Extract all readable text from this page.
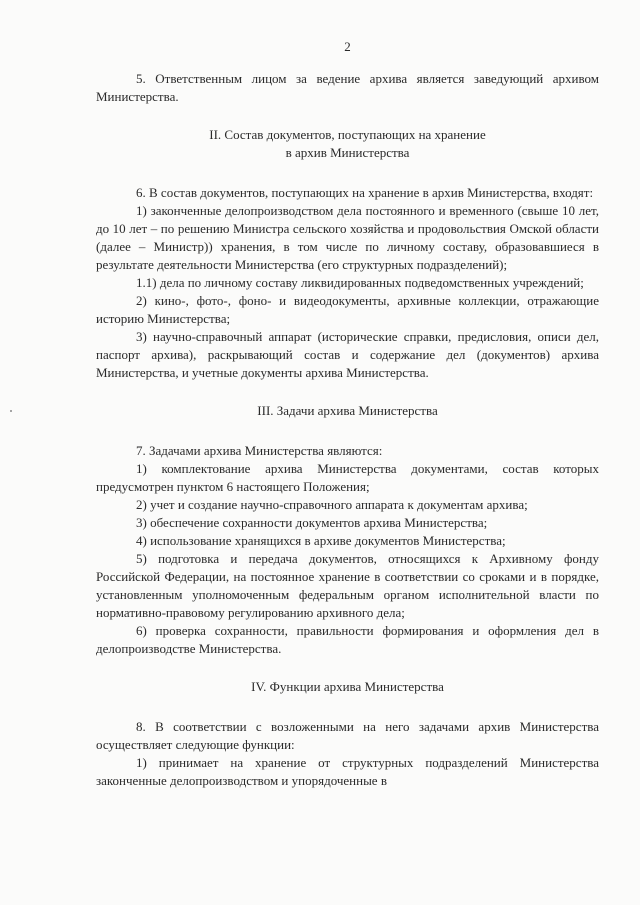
2

5. Ответственным лицом за ведение архива является заведующий архивом Министерства.

II. Состав документов, поступающих на хранение
в архив Министерства

6. В состав документов, поступающих на хранение в архив Министерства, входят:

1) законченные делопроизводством дела постоянного и временного (свыше 10 лет, до 10 лет – по решению Министра сельского хозяйства и продовольствия Омской области (далее – Министр)) хранения, в том числе по личному составу, образовавшиеся в результате деятельности Министерства (его структурных подразделений);

1.1) дела по личному составу ликвидированных подведомственных учреждений;

2) кино-, фото-, фоно- и видеодокументы, архивные коллекции, отражающие историю Министерства;

3) научно-справочный аппарат (исторические справки, предисловия, описи дел, паспорт архива), раскрывающий состав и содержание дел (документов) архива Министерства, и учетные документы архива Министерства.

III. Задачи архива Министерства

7. Задачами архива Министерства являются:

1) комплектование архива Министерства документами, состав которых предусмотрен пунктом 6 настоящего Положения;

2) учет и создание научно-справочного аппарата к документам архива;

3) обеспечение сохранности документов архива Министерства;

4) использование хранящихся в архиве документов Министерства;

5) подготовка и передача документов, относящихся к Архивному фонду Российской Федерации, на постоянное хранение в соответствии со сроками и в порядке, установленным уполномоченным федеральным органом исполнительной власти по нормативно-правовому регулированию архивного дела;

6) проверка сохранности, правильности формирования и оформления дел в делопроизводстве Министерства.

IV. Функции архива Министерства

8. В соответствии с возложенными на него задачами архив Министерства осуществляет следующие функции:

1) принимает на хранение от структурных подразделений Министерства законченные делопроизводством и упорядоченные в
